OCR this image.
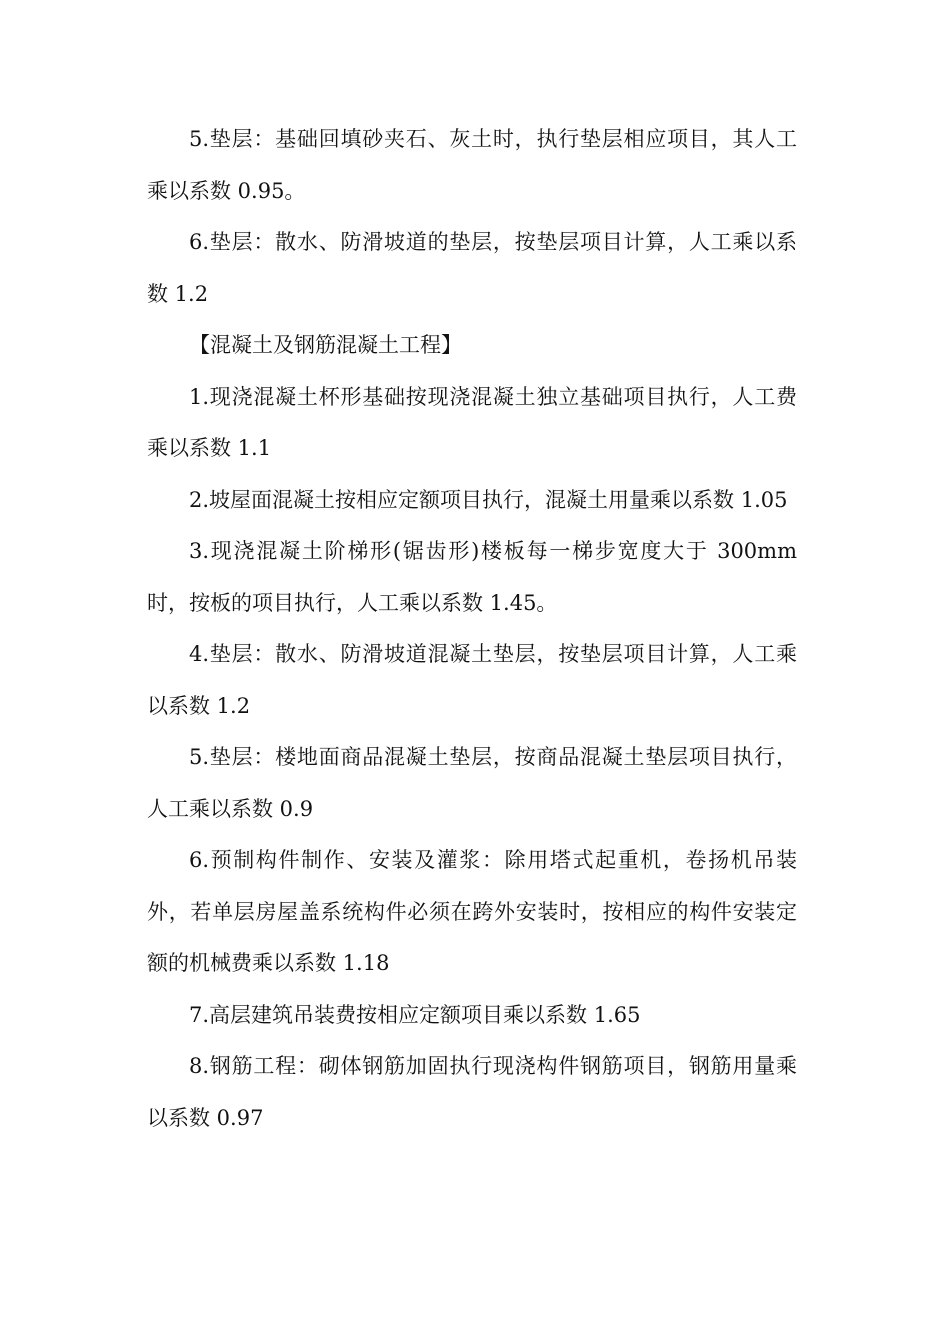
5.垫层：基础回填砂夹石、灰土时，执行垫层相应项目，其人工乘以系数 0.95。

6.垫层：散水、防滑坡道的垫层，按垫层项目计算，人工乘以系数 1.2

【混凝土及钢筋混凝土工程】

1.现浇混凝土杯形基础按现浇混凝土独立基础项目执行，人工费乘以系数 1.1

2.坡屋面混凝土按相应定额项目执行，混凝土用量乘以系数 1.05

3.现浇混凝土阶梯形(锯齿形)楼板每一梯步宽度大于 300mm 时，按板的项目执行，人工乘以系数 1.45。

4.垫层：散水、防滑坡道混凝土垫层，按垫层项目计算，人工乘以系数 1.2

5.垫层：楼地面商品混凝土垫层，按商品混凝土垫层项目执行，人工乘以系数 0.9

6.预制构件制作、安装及灌浆：除用塔式起重机，卷扬机吊装外，若单层房屋盖系统构件必须在跨外安装时，按相应的构件安装定额的机械费乘以系数 1.18

7.高层建筑吊装费按相应定额项目乘以系数 1.65

8.钢筋工程：砌体钢筋加固执行现浇构件钢筋项目，钢筋用量乘以系数 0.97
